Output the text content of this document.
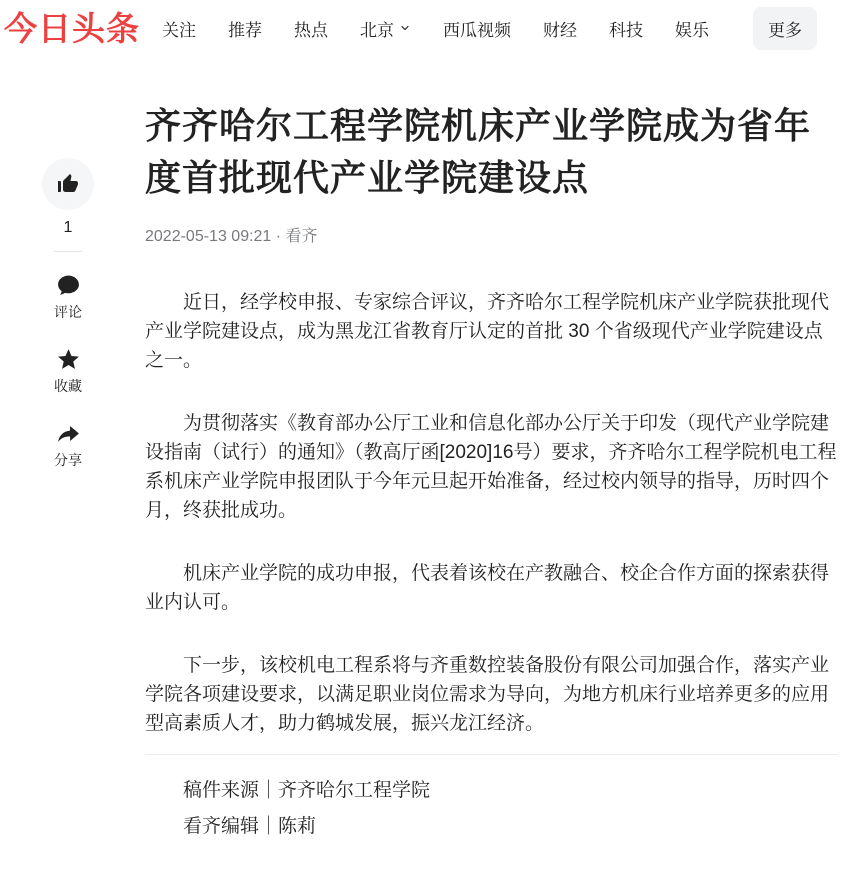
今日头条 关注 推荐 热点 北京	西瓜视频 财经 科技 娱乐	更多
1
评论
收藏
分享
齐齐哈尔工程学院机床产业学院成为省年度首批现代产业学院建设点
2022-05-13 09:21 · 看齐

近日，经学校申报、专家综合评议，齐齐哈尔工程学院机床产业学院获批现代产业学院建设点，成为黑龙江省教育厅认定的首批 30 个省级现代产业学院建设点之一。

为贯彻落实《教育部办公厅工业和信息化部办公厅关于印发（现代产业学院建设指南（试行）的通知》（教高厅函[2020]16号）要求，齐齐哈尔工程学院机电工程系机床产业学院申报团队于今年元旦起开始准备，经过校内领导的指导，历时四个月，终获批成功。

机床产业学院的成功申报，代表着该校在产教融合、校企合作方面的探索获得业内认可。

下一步，该校机电工程系将与齐重数控装备股份有限公司加强合作，落实产业学院各项建设要求，以满足职业岗位需求为导向，为地方机床行业培养更多的应用型高素质人才，助力鹤城发展，振兴龙江经济。

稿件来源｜齐齐哈尔工程学院

看齐编辑｜陈莉
